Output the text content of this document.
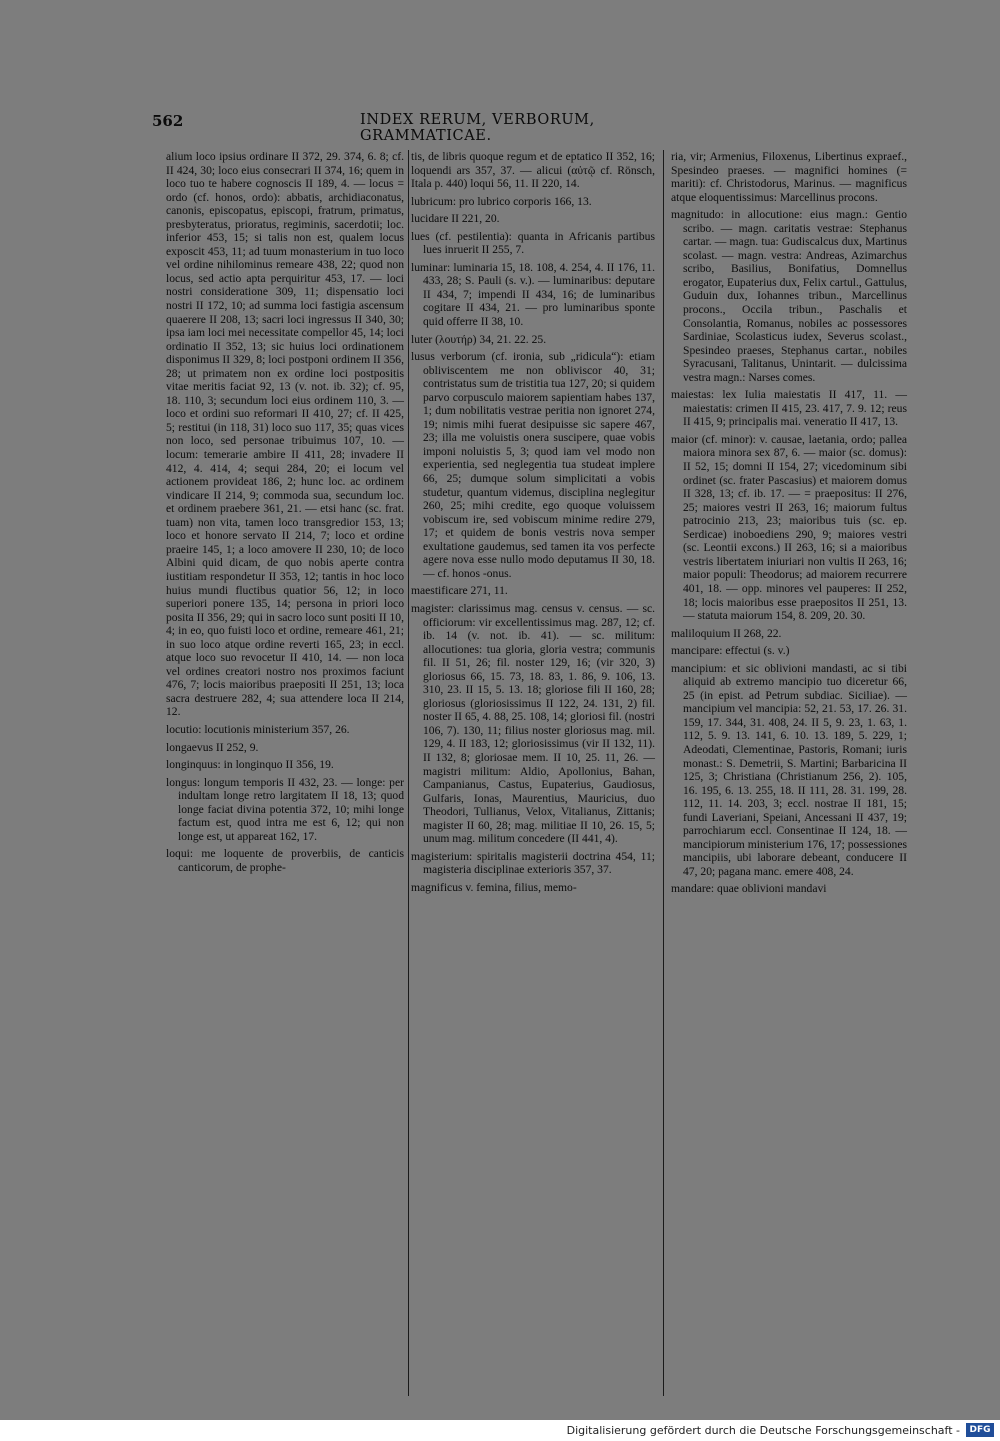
562	INDEX RERUM, VERBORUM, GRAMMATICAE.
alium loco ipsius ordinare II 372, 29. 374, 6. 8; cf. II 424, 30; loco eius consecrari II 374, 16; quem in loco tuo te habere cognoscis II 189, 4. — locus = ordo (cf. honos, ordo): abbatis, archidiaconatus, canonis, episcopatus, episcopi, fratrum, primatus, presbyteratus, prioratus, regiminis, sacerdotii; loc. inferior 453, 15; si talis non est, qualem locus exposcit 453, 11; ad tuum monasterium in tuo loco vel ordine nihilominus remeare 438, 22; quod non locus, sed actio apta perquiritur 453, 17. — loci nostri consideratione 309, 11; dispensatio loci nostri II 172, 10; ad summa loci fastigia ascensum quaerere II 208, 13; sacri loci ingressus II 340, 30; ipsa iam loci mei necessitate compellor 45, 14; loci ordinatio II 352, 13; sic huius loci ordinationem disponimus II 329, 8; loci postponi ordinem II 356, 28; ut primatem non ex ordine loci postpositis vitae meritis faciat 92, 13 (v. not. ib. 32); cf. 95, 18. 110, 3; secundum loci eius ordinem 110, 3. — loco et ordini suo reformari II 410, 27; cf. II 425, 5; restitui (in 118, 31) loco suo 117, 35; quas vices non loco, sed personae tribuimus 107, 10. — locum: temerarie ambire II 411, 28; invadere II 412, 4. 414, 4; sequi 284, 20; ei locum vel actionem provideat 186, 2; hunc loc. ac ordinem vindicare II 214, 9; commoda sua, secundum loc. et ordinem praebere 361, 21. — etsi hanc (sc. frat. tuam) non vita, tamen loco transgredior 153, 13; loco et honore servato II 214, 7; loco et ordine praeire 145, 1; a loco amovere II 230, 10; de loco Albini quid dicam, de quo nobis aperte contra iustitiam respondetur II 353, 12; tantis in hoc loco huius mundi fluctibus quatior 56, 12; in loco superiori ponere 135, 14; persona in priori loco posita II 356, 29; qui in sacro loco sunt positi II 10, 4; in eo, quo fuisti loco et ordine, remeare 461, 21; in suo loco atque ordine reverti 165, 23; in eccl. atque loco suo revocetur II 410, 14. — non loca vel ordines creatori nostro nos proximos faciunt 476, 7; locis maioribus praepositi II 251, 13; loca sacra destruere 282, 4; sua attendere loca II 214, 12.
locutio: locutionis ministerium 357, 26.
longaevus II 252, 9.
longinquus: in longinquo II 356, 19.
longus: longum temporis II 432, 23. — longe: per indultam longe retro largitatem II 18, 13; quod longe faciat divina potentia 372, 10; mihi longe factum est, quod intra me est 6, 12; qui non longe est, ut appareat 162, 17.
loqui: me loquente de proverbiis, de canticis canticorum, de prophe-
tis, de libris quoque regum et de eptatico II 352, 16; loquendi ars 357, 37. — alicui (αὐτῷ cf. Rönsch, Itala p. 440) loqui 56, 11. II 220, 14.
lubricum: pro lubrico corporis 166, 13.
lucidare II 221, 20.
lues (cf. pestilentia): quanta in Africanis partibus lues inruerit II 255, 7.
luminar: luminaria 15, 18. 108, 4. 254, 4. II 176, 11. 433, 28; S. Pauli (s. v.). — luminaribus: deputare II 434, 7; impendi II 434, 16; de luminaribus cogitare II 434, 21. — pro luminaribus sponte quid offerre II 38, 10.
luter (λουτήρ) 34, 21. 22. 25.
lusus verborum (cf. ironia, sub „ridicula“): etiam obliviscentem me non obliviscor 40, 31; contristatus sum de tristitia tua 127, 20; si quidem parvo corpusculo maiorem sapientiam habes 137, 1; dum nobilitatis vestrae peritia non ignoret 274, 19; nimis mihi fuerat desipuisse sic sapere 467, 23; illa me voluistis onera suscipere, quae vobis imponi noluistis 5, 3; quod iam vel modo non experientia, sed neglegentia tua studeat implere 66, 25; dumque solum simplicitati a vobis studetur, quantum videmus, disciplina neglegitur 260, 25; mihi credite, ego quoque voluissem vobiscum ire, sed vobiscum minime redire 279, 17; et quidem de bonis vestris nova semper exultatione gaudemus, sed tamen ita vos perfecte agere nova esse nullo modo deputamus II 30, 18. — cf. honos -onus.
maestificare 271, 11.
magister: clarissimus mag. census v. census. — sc. officiorum: vir excellentissimus mag. 287, 12; cf. ib. 14 (v. not. ib. 41). — sc. militum: allocutiones: tua gloria, gloria vestra; communis fil. II 51, 26; fil. noster 129, 16; (vir 320, 3) gloriosus 66, 15. 73, 18. 83, 1. 86, 9. 106, 13. 310, 23. II 15, 5. 13. 18; gloriose fili II 160, 28; gloriosus (gloriosissimus II 122, 24. 131, 2) fil. noster II 65, 4. 88, 25. 108, 14; gloriosi fil. (nostri 106, 7). 130, 11; filius noster gloriosus mag. mil. 129, 4. II 183, 12; gloriosissimus (vir II 132, 11). II 132, 8; gloriosae mem. II 10, 25. 11, 26. — magistri militum: Aldio, Apollonius, Bahan, Campanianus, Castus, Eupaterius, Gaudiosus, Gulfaris, Ionas, Maurentius, Mauricius, duo Theodori, Tullianus, Velox, Vitalianus, Zittanis; magister II 60, 28; mag. militiae II 10, 26. 15, 5; unum mag. militum concedere (II 441, 4).
magisterium: spiritalis magisterii doctrina 454, 11; magisteria disciplinae exterioris 357, 37.
magnificus v. femina, filius, memo-
ria, vir; Armenius, Filoxenus, Libertinus expraef., Spesindeo praeses. — magnifici homines (= mariti): cf. Christodorus, Marinus. — magnificus atque eloquentissimus: Marcellinus procons.
magnitudo: in allocutione: eius magn.: Gentio scribo. — magn. caritatis vestrae: Stephanus cartar. — magn. tua: Gudiscalcus dux, Martinus scolast. — magn. vestra: Andreas, Azimarchus scribo, Basilius, Bonifatius, Domnellus erogator, Eupaterius dux, Felix cartul., Gattulus, Guduin dux, Iohannes tribun., Marcellinus procons., Occila tribun., Paschalis et Consolantia, Romanus, nobiles ac possessores Sardiniae, Scolasticus iudex, Severus scolast., Spesindeo praeses, Stephanus cartar., nobiles Syracusani, Talitanus, Unintarit. — dulcissima vestra magn.: Narses comes.
maiestas: lex Iulia maiestatis II 417, 11. — maiestatis: crimen II 415, 23. 417, 7. 9. 12; reus II 415, 9; principalis mai. veneratio II 417, 13.
maior (cf. minor): v. causae, laetania, ordo; pallea maiora minora sex 87, 6. — maior (sc. domus): II 52, 15; domni II 154, 27; vicedominum sibi ordinet (sc. frater Pascasius) et maiorem domus II 328, 13; cf. ib. 17. — = praepositus: II 276, 25; maiores vestri II 263, 16; maiorum fultus patrocinio 213, 23; maioribus tuis (sc. ep. Serdicae) inoboediens 290, 9; maiores vestri (sc. Leontii excons.) II 263, 16; si a maioribus vestris libertatem iniuriari non vultis II 263, 16; maior populi: Theodorus; ad maiorem recurrere 401, 18. — opp. minores vel pauperes: II 252, 18; locis maioribus esse praepositos II 251, 13. — statuta maiorum 154, 8. 209, 20. 30.
maliloquium II 268, 22.
mancipare: effectui (s. v.)
mancipium: et sic oblivioni mandasti, ac si tibi aliquid ab extremo mancipio tuo diceretur 66, 25 (in epist. ad Petrum subdiac. Siciliae). — mancipium vel mancipia: 52, 21. 53, 17. 26. 31. 159, 17. 344, 31. 408, 24. II 5, 9. 23, 1. 63, 1. 112, 5. 9. 13. 141, 6. 10. 13. 189, 5. 229, 1; Adeodati, Clementinae, Pastoris, Romani; iuris monast.: S. Demetrii, S. Martini; Barbaricina II 125, 3; Christiana (Christianum 256, 2). 105, 16. 195, 6. 13. 255, 18. II 111, 28. 31. 199, 28. 112, 11. 14. 203, 3; eccl. nostrae II 181, 15; fundi Laveriani, Speiani, Ancessani II 437, 19; parrochiarum eccl. Consentinae II 124, 18. — mancipiorum ministerium 176, 17; possessiones mancipiis, ubi laborare debeant, conducere II 47, 20; pagana manc. emere 408, 24.
mandare: quae oblivioni mandavi
Digitalisierung gefördert durch die Deutsche Forschungsgemeinschaft -	DFG
